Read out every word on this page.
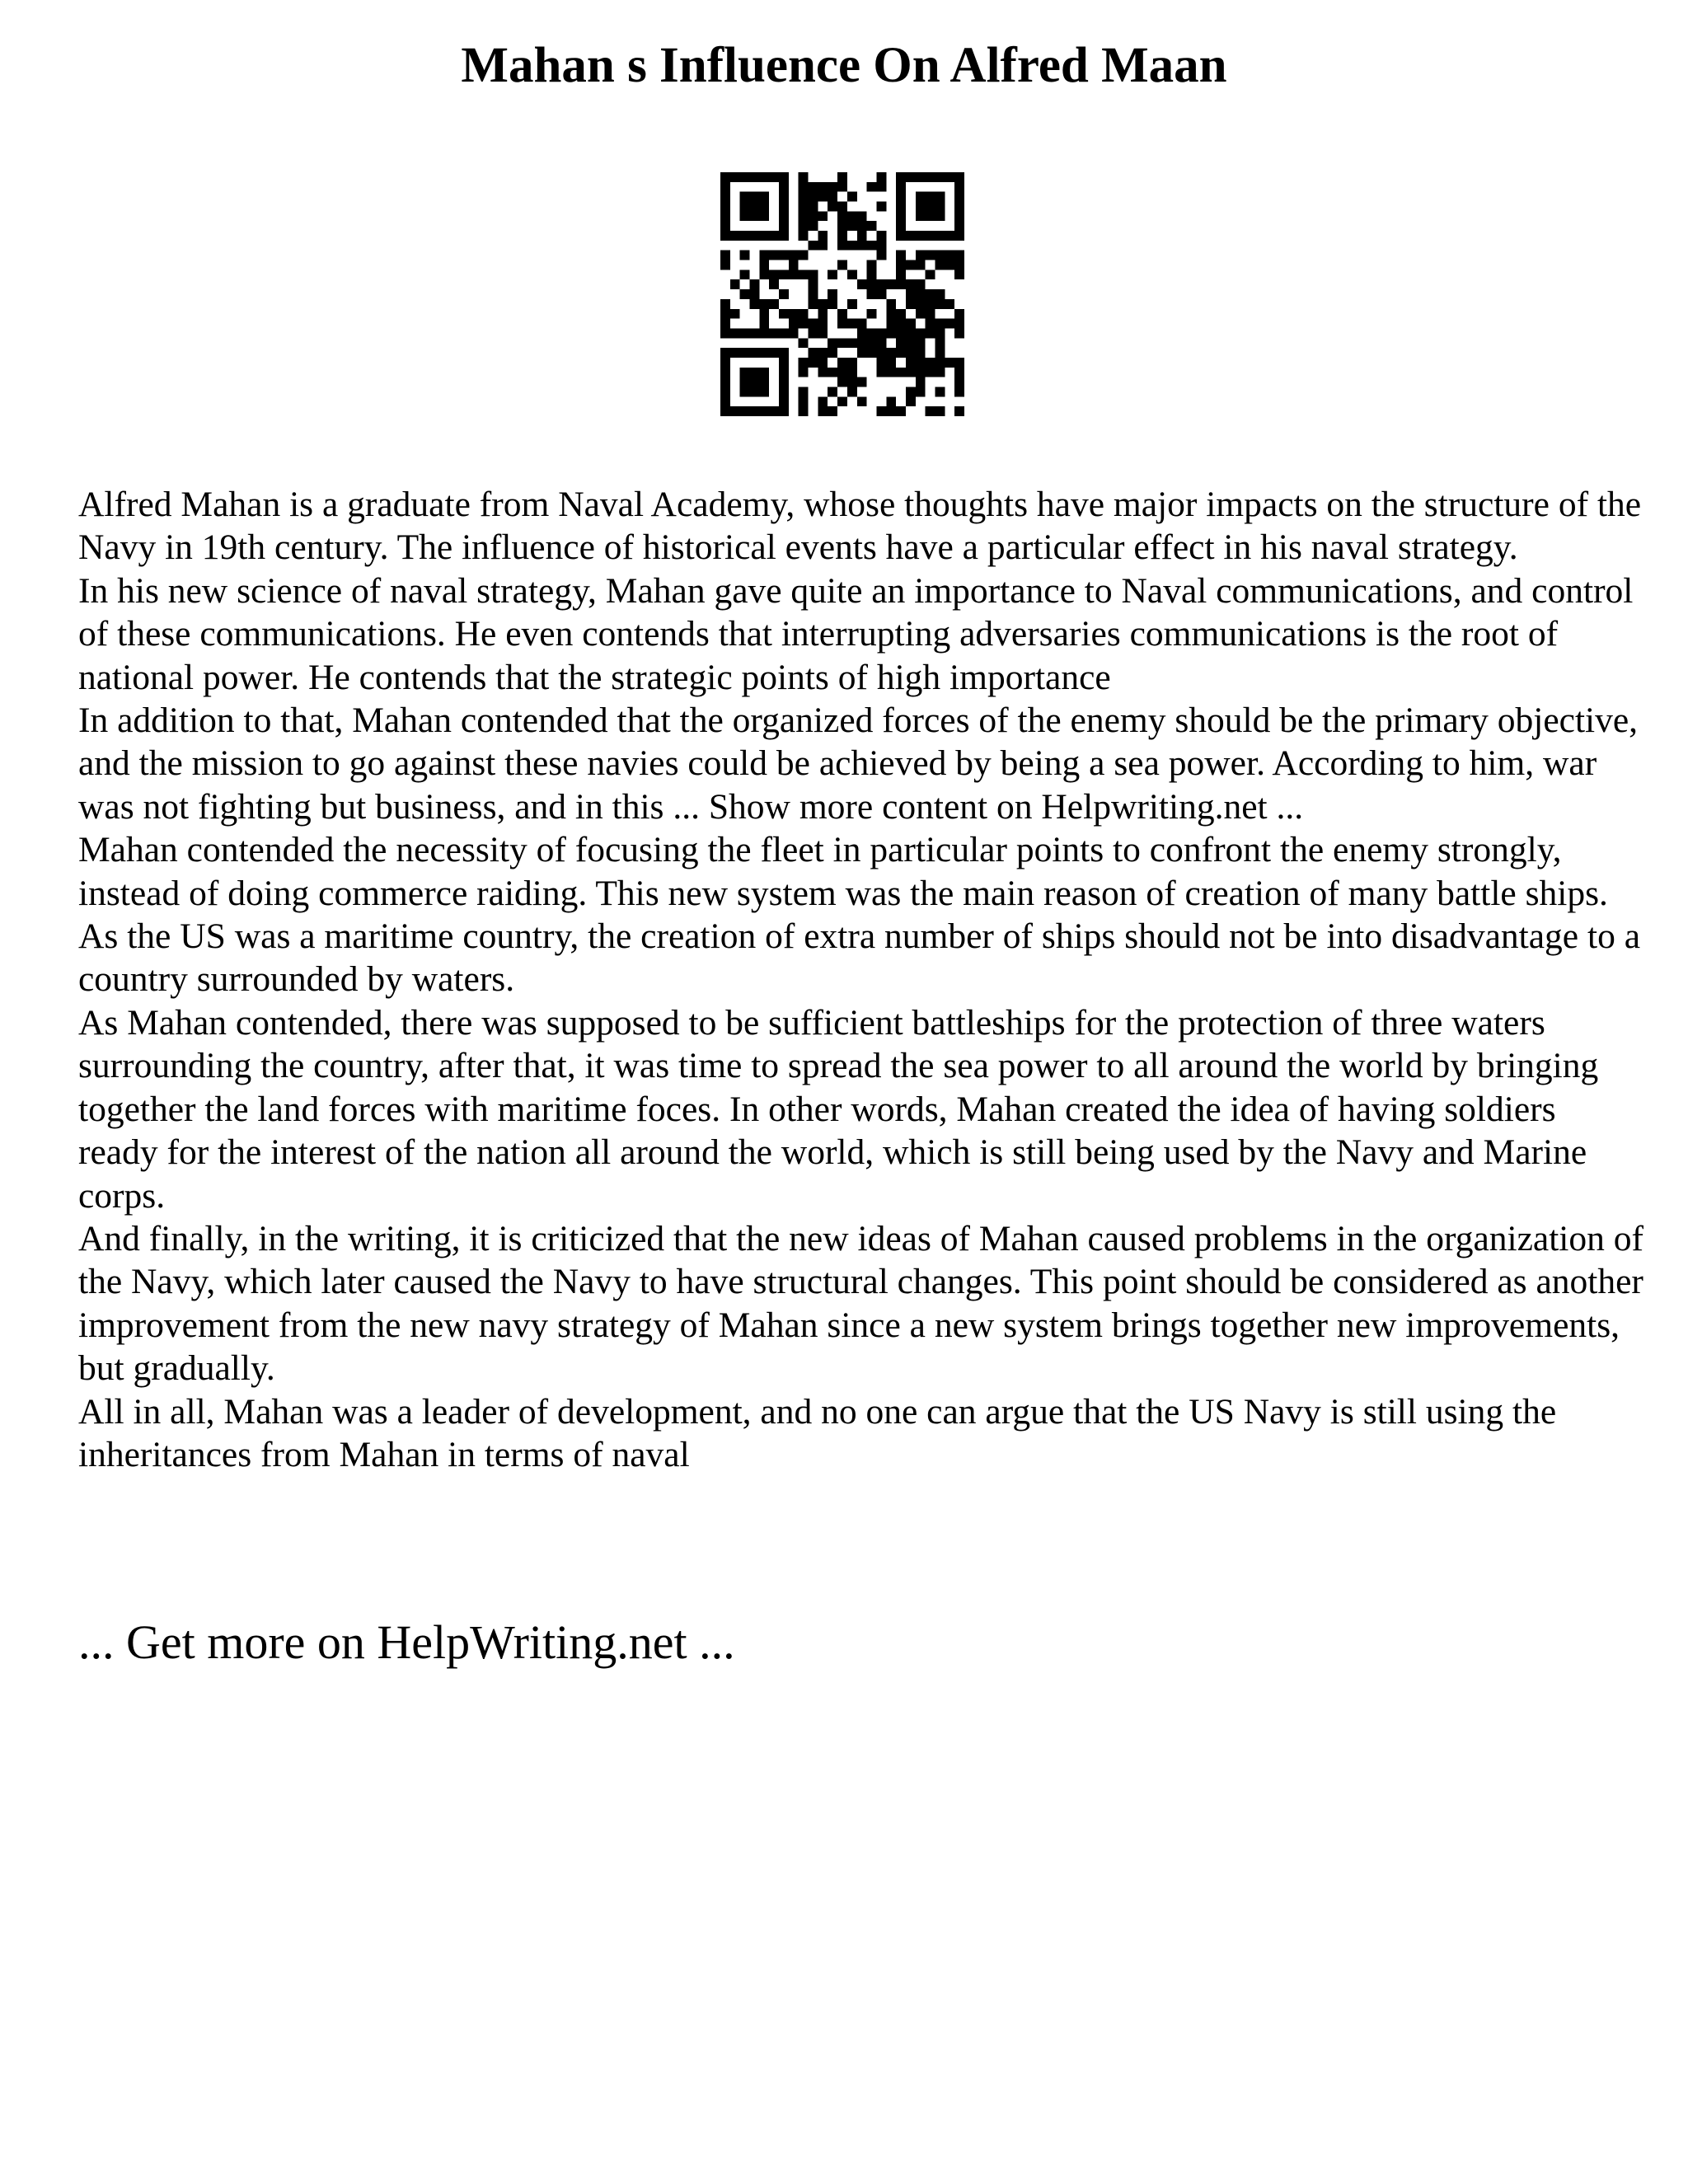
Mahan s Influence On Alfred Maan

Alfred Mahan is a graduate from Naval Academy, whose thoughts have major impacts on the structure of the Navy in 19th century. The influence of historical events have a particular effect in his naval strategy.

In his new science of naval strategy, Mahan gave quite an importance to Naval communications, and control of these communications. He even contends that interrupting adversaries communications is the root of national power. He contends that the strategic points of high importance

In addition to that, Mahan contended that the organized forces of the enemy should be the primary objective, and the mission to go against these navies could be achieved by being a sea power. According to him, war was not fighting but business, and in this ... Show more content on Helpwriting.net ...

Mahan contended the necessity of focusing the fleet in particular points to confront the enemy strongly, instead of doing commerce raiding. This new system was the main reason of creation of many battle ships. As the US was a maritime country, the creation of extra number of ships should not be into disadvantage to a country surrounded by waters.

As Mahan contended, there was supposed to be sufficient battleships for the protection of three waters surrounding the country, after that, it was time to spread the sea power to all around the world by bringing together the land forces with maritime foces. In other words, Mahan created the idea of having soldiers ready for the interest of the nation all around the world, which is still being used by the Navy and Marine corps.

And finally, in the writing, it is criticized that the new ideas of Mahan caused problems in the organization of the Navy, which later caused the Navy to have structural changes. This point should be considered as another improvement from the new navy strategy of Mahan since a new system brings together new improvements, but gradually.

All in all, Mahan was a leader of development, and no one can argue that the US Navy is still using the inheritances from Mahan in terms of naval

... Get more on HelpWriting.net ...
